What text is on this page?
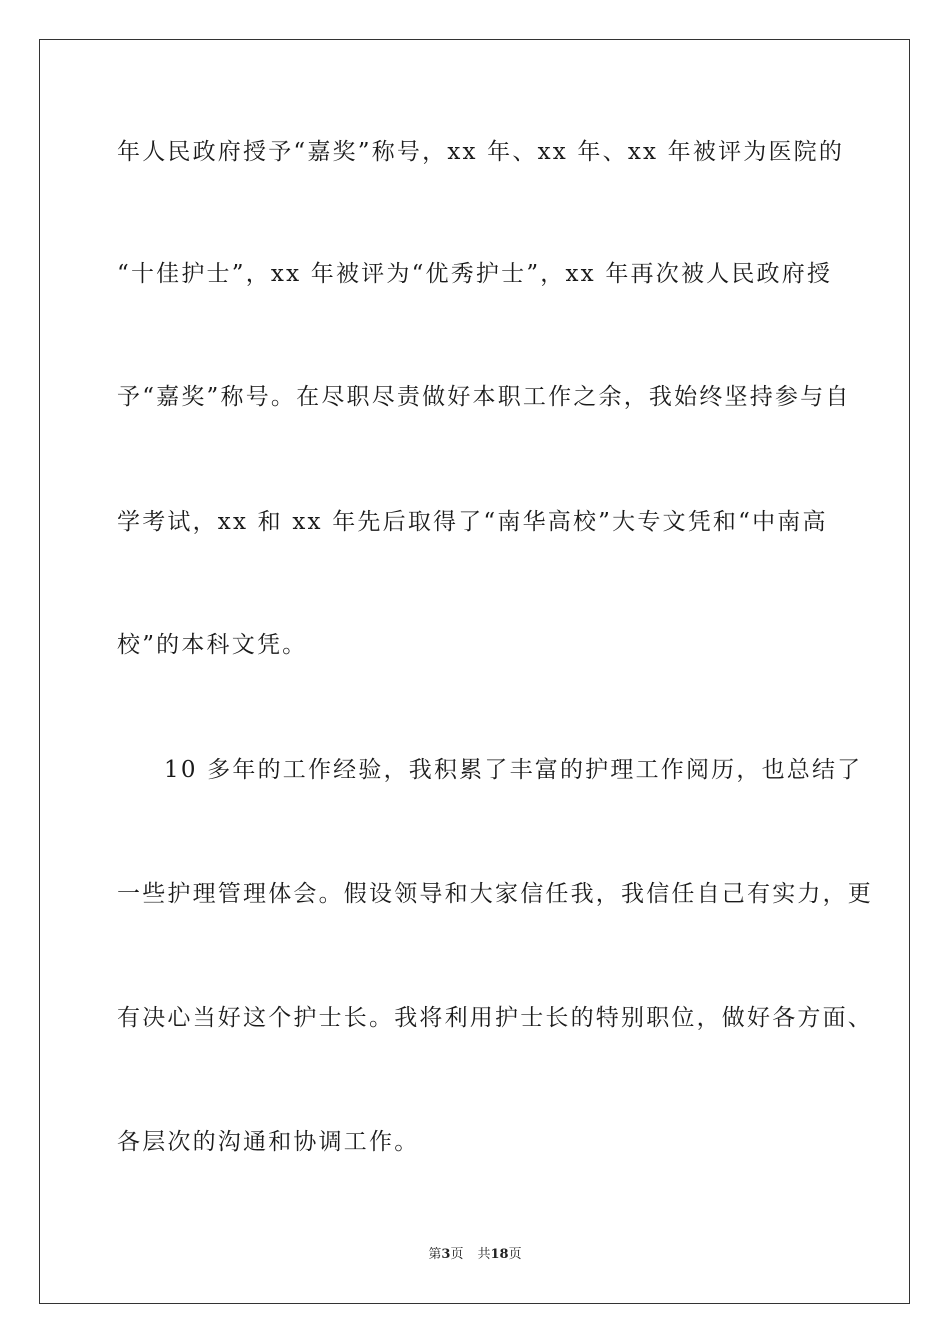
年人民政府授予“嘉奖”称号，xx 年、xx 年、xx 年被评为医院的
“十佳护士”，xx 年被评为“优秀护士”，xx 年再次被人民政府授
予“嘉奖”称号。在尽职尽责做好本职工作之余，我始终坚持参与自
学考试，xx 和 xx 年先后取得了“南华高校”大专文凭和“中南高
校”的本科文凭。
10 多年的工作经验，我积累了丰富的护理工作阅历，也总结了
一些护理管理体会。假设领导和大家信任我，我信任自己有实力，更
有决心当好这个护士长。我将利用护士长的特别职位，做好各方面、
各层次的沟通和协调工作。
第3页 共18页
